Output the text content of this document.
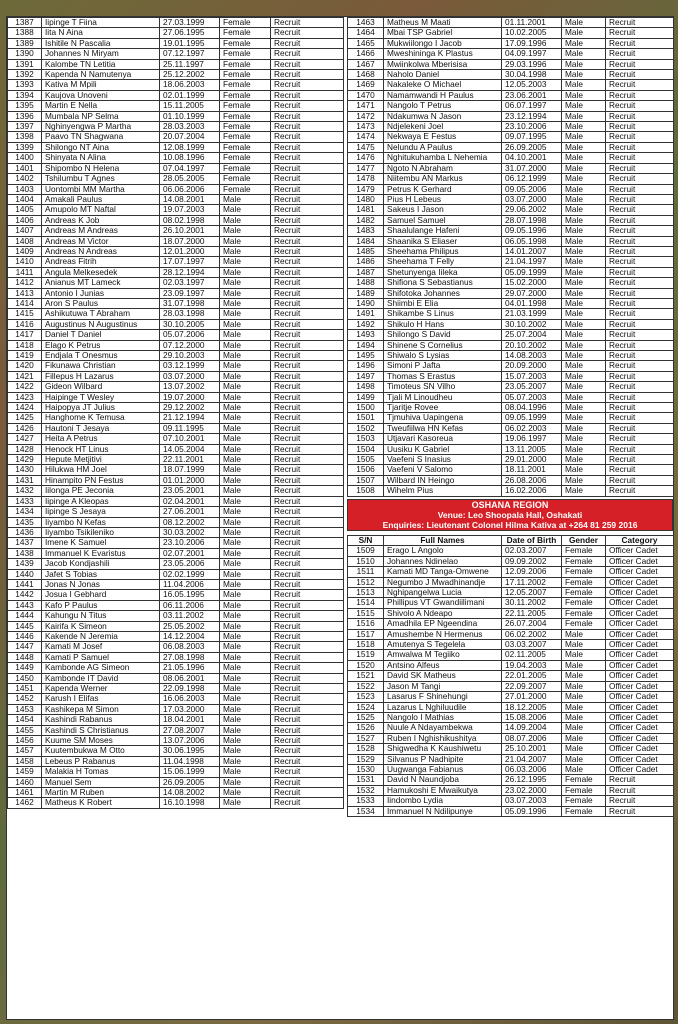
1387	Iipinge T Fiina	27.03.1999	Female	Recruit
1388	Iita N Aina	27.06.1995	Female	Recruit
1389	Ishitile N Pascalia	19.01.1995	Female	Recruit
1390	Johannes N Miryam	07.12.1997	Female	Recruit
1391	Kalombe TN Letitia	25.11.1997	Female	Recruit
1392	Kapenda N Namutenya	25.12.2002	Female	Recruit
1393	Kativa M Mpili	18.06.2003	Female	Recruit
1394	Kaujova Unoveni	02.01.1999	Female	Recruit
1395	Martin E Nella	15.11.2005	Female	Recruit
1396	Mumbala NP Selma	01.10.1999	Female	Recruit
1397	Nghinyengwa P Martha	28.03.2003	Female	Recruit
1398	Paavo TN Shagwana	20.07.2004	Female	Recruit
1399	Shilongo NT Aina	12.08.1999	Female	Recruit
1400	Shinyata N Alina	10.08.1996	Female	Recruit
1401	Shipombo N Helena	07.04.1997	Female	Recruit
1402	Tshilumbu T Agnes	28.05.2005	Female	Recruit
1403	Uontombi MM Martha	06.06.2006	Female	Recruit
1404	Amakali Paulus	14.08.2001	Male	Recruit
1405	Amupolo MT Naftal	19.07.2003	Male	Recruit
1406	Andreas K Job	08.02.1998	Male	Recruit
1407	Andreas M Andreas	26.10.2001	Male	Recruit
1408	Andreas M Victor	18.07.2000	Male	Recruit
1409	Andreas N Andreas	12.01.2000	Male	Recruit
1410	Andreas Fitrih	17.07.1997	Male	Recruit
1411	Angula Melkesedek	28.12.1994	Male	Recruit
1412	Anianus MT Lameck	02.03.1997	Male	Recruit
1413	Antonio I Junias	23.09.1997	Male	Recruit
1414	Aron S Paulus	31.07.1998	Male	Recruit
1415	Ashikutuwa T Abraham	28.03.1998	Male	Recruit
1416	Augustinus N Augustinus	30.10.2005	Male	Recruit
1417	Daniel T Daniel	05.07.2006	Male	Recruit
1418	Elago K Petrus	07.12.2000	Male	Recruit
1419	Endjala T Onesmus	29.10.2003	Male	Recruit
1420	Fikunawa Christian	03.12.1999	Male	Recruit
1421	Fillepus H Lazarus	03.07.2000	Male	Recruit
1422	Gideon Wilbard	13.07.2002	Male	Recruit
1423	Haipinge T Wesley	19.07.2000	Male	Recruit
1424	Haipopya JT Julius	29.12.2002	Male	Recruit
1425	Hanghome K Temusa	21.12.1994	Male	Recruit
1426	Hautoni T Jesaya	09.11.1995	Male	Recruit
1427	Heita A Petrus	07.10.2001	Male	Recruit
1428	Henock HT Linus	14.05.2004	Male	Recruit
1429	Hepute Metjitivi	22.11.2001	Male	Recruit
1430	Hilukwa HM Joel	18.07.1999	Male	Recruit
1431	Hinampito PN Festus	01.01.2000	Male	Recruit
1432	Iilonga PE Jeconia	23.05.2001	Male	Recruit
1433	Iipinge A Kleopas	02.04.2001	Male	Recruit
1434	Iipinge S Jesaya	27.06.2001	Male	Recruit
1435	Iiyambo N Kefas	08.12.2002	Male	Recruit
1436	Iiyambo Tsikileniko	30.03.2002	Male	Recruit
1437	Imene K Samuel	23.10.2006	Male	Recruit
1438	Immanuel K Evaristus	02.07.2001	Male	Recruit
1439	Jacob Kondjashili	23.05.2006	Male	Recruit
1440	Jafet S Tobias	02.02.1999	Male	Recruit
1441	Jonas N Jonas	11.04.2006	Male	Recruit
1442	Josua I Gebhard	16.05.1995	Male	Recruit
1443	Kafo P Paulus	06.11.2006	Male	Recruit
1444	Kahungu N Titus	03.11.2002	Male	Recruit
1445	Kairifa K Simeon	25.05.2002	Male	Recruit
1446	Kakende N Jeremia	14.12.2004	Male	Recruit
1447	Kamati M Josef	06.08.2003	Male	Recruit
1448	Kamati P Samuel	27.08.1998	Male	Recruit
1449	Kambonde AG Simeon	21.05.1996	Male	Recruit
1450	Kambonde IT David	08.06.2001	Male	Recruit
1451	Kapenda Werner	22.09.1998	Male	Recruit
1452	Karush I Elifas	16.06.2003	Male	Recruit
1453	Kashikepa M Simon	17.03.2000	Male	Recruit
1454	Kashindi Rabanus	18.04.2001	Male	Recruit
1455	Kashindi S Christianus	27.08.2007	Male	Recruit
1456	Kuume SM Moses	13.07.2006	Male	Recruit
1457	Kuutembukwa M Otto	30.06.1995	Male	Recruit
1458	Lebeus P Rabanus	11.04.1998	Male	Recruit
1459	Malakia H Tomas	15.06.1999	Male	Recruit
1460	Manuel Sem	26.09.2005	Male	Recruit
1461	Martin M Ruben	14.08.2002	Male	Recruit
1462	Matheus K Robert	16.10.1998	Male	Recruit
1463	Matheus M Maati	01.11.2001	Male	Recruit
1464	Mbai TSP Gabriel	10.02.2005	Male	Recruit
1465	Mukwiilongo I Jacob	17.09.1996	Male	Recruit
1466	Mweshininga K Plastus	04.09.1997	Male	Recruit
1467	Mwiinkolwa Mberisisa	29.03.1996	Male	Recruit
1468	Naholo Daniel	30.04.1998	Male	Recruit
1469	Nakaleke O Michael	12.05.2003	Male	Recruit
1470	Namamwandi H Paulus	23.06.2001	Male	Recruit
1471	Nangolo T Petrus	06.07.1997	Male	Recruit
1472	Ndakumwa N Jason	23.12.1994	Male	Recruit
1473	Ndjelekeni Joel	23.10.2006	Male	Recruit
1474	Nekwaya E Festus	09.07.1995	Male	Recruit
1475	Nelundu A Paulus	26.09.2005	Male	Recruit
1476	Nghitukuhamba L Nehemia	04.10.2001	Male	Recruit
1477	Ngoto N Abraham	31.07.2000	Male	Recruit
1478	Niitembu AN Markus	06.12.1999	Male	Recruit
1479	Petrus K Gerhard	09.05.2006	Male	Recruit
1480	Pius H Lebeus	03.07.2000	Male	Recruit
1481	Sakeus I Jason	29.06.2002	Male	Recruit
1482	Samuel Samuel	28.07.1998	Male	Recruit
1483	Shaalulange Hafeni	09.05.1996	Male	Recruit
1484	Shaanika S Eliaser	06.05.1998	Male	Recruit
1485	Sheehama Philipus	14.01.2007	Male	Recruit
1486	Sheehama T Felly	21.04.1997	Male	Recruit
1487	Shetunyenga Iileka	05.09.1999	Male	Recruit
1488	Shifiona S Sebastianus	15.02.2000	Male	Recruit
1489	Shifotoka Johannes	29.07.2000	Male	Recruit
1490	Shiimbi E Elia	04.01.1998	Male	Recruit
1491	Shikambe S Linus	21.03.1999	Male	Recruit
1492	Shikulo H Hans	30.10.2002	Male	Recruit
1493	Shilongo S David	25.07.2004	Male	Recruit
1494	Shinene S Cornelius	20.10.2002	Male	Recruit
1495	Shiwalo S Lysias	14.08.2003	Male	Recruit
1496	Simoni P Jafta	20.09.2000	Male	Recruit
1497	Thomas S Erastus	15.07.2003	Male	Recruit
1498	Timoteus SN Vilho	23.05.2007	Male	Recruit
1499	Tjali M Linoudheu	05.07.2003	Male	Recruit
1500	Tjaritje Rovee	08.04.1996	Male	Recruit
1501	Tjmuhiva Uapingena	09.05.1999	Male	Recruit
1502	Tweufiilwa HN Kefas	06.02.2003	Male	Recruit
1503	Utjavari Kasoreua	19.06.1997	Male	Recruit
1504	Uusiku K Gabriel	13.11.2005	Male	Recruit
1505	Vaefeni S Inasius	29.01.2000	Male	Recruit
1506	Vaefeni V Salomo	18.11.2001	Male	Recruit
1507	Wilbard IN Heingo	26.08.2006	Male	Recruit
1508	Wihelm Pius	16.02.2006	Male	Recruit
OSHANA REGION
Venue: Leo Shoopala Hall, Oshakati
Enquiries: Lieutenant Colonel Hilma Kativa at +264 81 259 2016
S/N	Full Names	Date of Birth	Gender	Category
1509	Erago L Angolo	02.03.2007	Female	Officer Cadet
1510	Johannes Ndinelao	09.09.2002	Female	Officer Cadet
1511	Kamati MD Tanga-Omwene	12.09.2006	Female	Officer Cadet
1512	Negumbo J Mwadhinandje	17.11.2002	Female	Officer Cadet
1513	Nghipangelwa Lucia	12.05.2007	Female	Officer Cadet
1514	Phillipus VT Gwandiilimani	30.11.2002	Female	Officer Cadet
1515	Shivolo A Ndeapo	22.11.2005	Female	Officer Cadet
1516	Amadhila EP Ngeendina	26.07.2004	Female	Officer Cadet
1517	Amushembe N Hermenus	06.02.2002	Male	Officer Cadet
1518	Amutenya S Tegelela	03.03.2007	Male	Officer Cadet
1519	Amwalwa M Tegiiko	02.11.2005	Male	Officer Cadet
1520	Antsino Alfeus	19.04.2003	Male	Officer Cadet
1521	David SK Matheus	22.01.2005	Male	Officer Cadet
1522	Jason M Tangi	22.09.2007	Male	Officer Cadet
1523	Lasarus F Shinehungi	27.01.2000	Male	Officer Cadet
1524	Lazarus L Nghiluudile	18.12.2005	Male	Officer Cadet
1525	Nangolo I Mathias	15.08.2006	Male	Officer Cadet
1526	Nuule A Ndayambekwa	14.09.2004	Male	Officer Cadet
1527	Ruben I Nghishikushitya	08.07.2006	Male	Officer Cadet
1528	Shigwedha K Kaushiwetu	25.10.2001	Male	Officer Cadet
1529	Silvanus P Nadhipite	21.04.2007	Male	Officer Cadet
1530	Uugwanga Fabianus	06.03.2006	Male	Officer Cadet
1531	David N Naundjoba	26.12.1995	Female	Recruit
1532	Hamukoshi E Mwaikutya	23.02.2000	Female	Recruit
1533	Iindombo Lydia	03.07.2003	Female	Recruit
1534	Immanuel N Ndilipunye	05.09.1996	Female	Recruit
